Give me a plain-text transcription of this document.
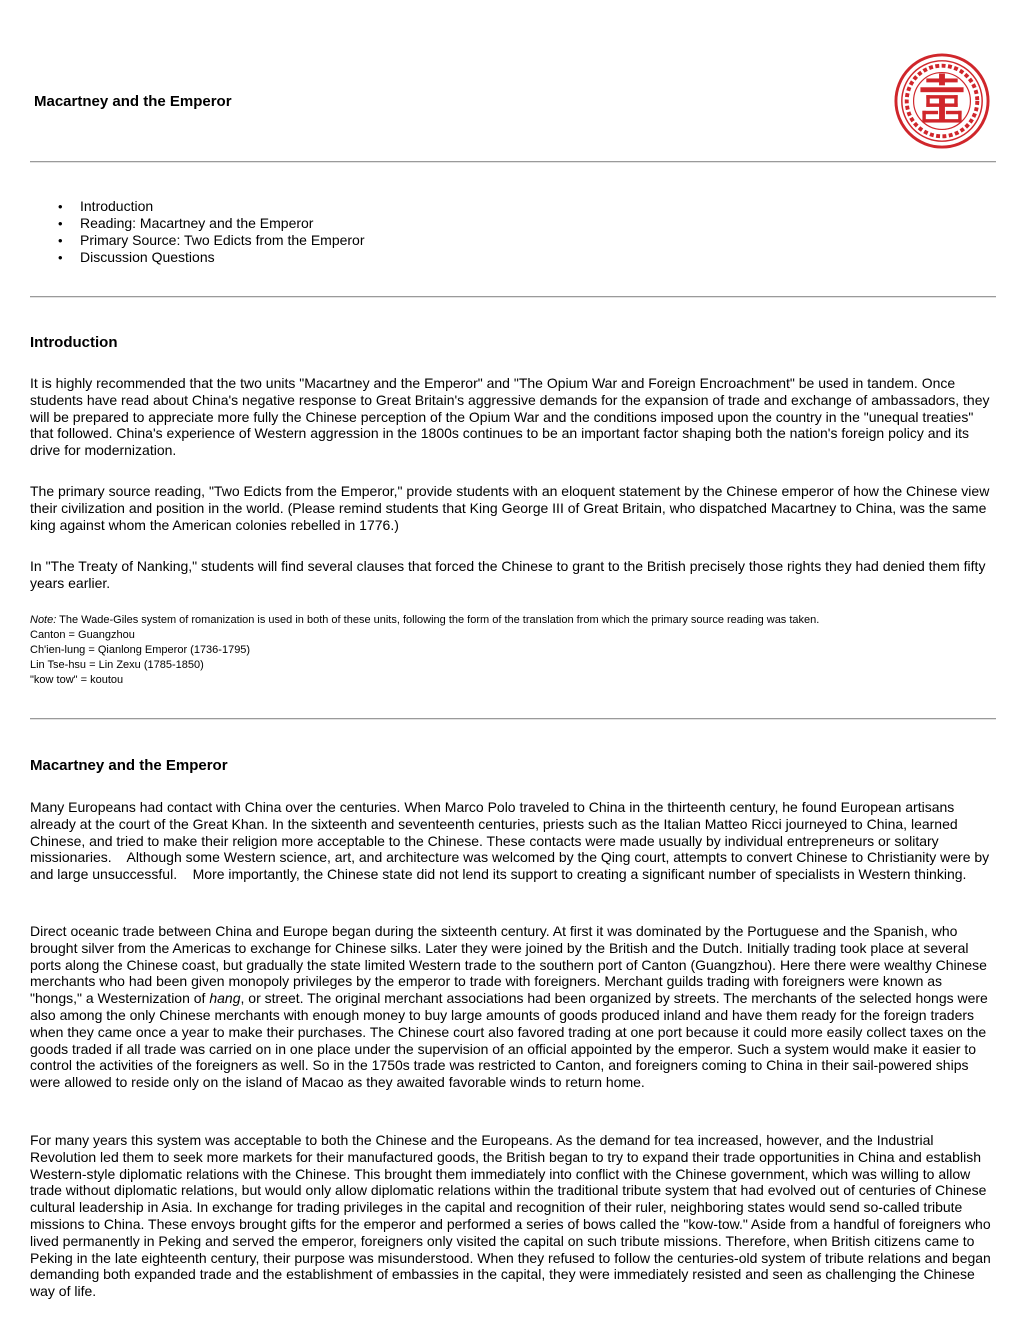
Macartney and the Emperor
• Introduction
• Reading: Macartney and the Emperor
• Primary Source: Two Edicts from the Emperor
• Discussion Questions
Introduction

It is highly recommended that the two units "Macartney and the Emperor" and "The Opium War and Foreign Encroachment" be used in tandem. Once students have read about China's negative response to Great Britain's aggressive demands for the expansion of trade and exchange of ambassadors, they will be prepared to appreciate more fully the Chinese perception of the Opium War and the conditions imposed upon the country in the "unequal treaties" that followed. China's experience of Western aggression in the 1800s continues to be an important factor shaping both the nation's foreign policy and its drive for modernization.

The primary source reading, "Two Edicts from the Emperor," provide students with an eloquent statement by the Chinese emperor of how the Chinese view their civilization and position in the world. (Please remind students that King George III of Great Britain, who dispatched Macartney to China, was the same king against whom the American colonies rebelled in 1776.)

In "The Treaty of Nanking," students will find several clauses that forced the Chinese to grant to the British precisely those rights they had denied them fifty years earlier.

Note: The Wade-Giles system of romanization is used in both of these units, following the form of the translation from which the primary source reading was taken.
Canton = Guangzhou
Ch'ien-lung = Qianlong Emperor (1736-1795)
Lin Tse-hsu = Lin Zexu (1785-1850)
"kow tow" = koutou
Macartney and the Emperor

Many Europeans had contact with China over the centuries. When Marco Polo traveled to China in the thirteenth century, he found European artisans already at the court of the Great Khan. In the sixteenth and seventeenth centuries, priests such as the Italian Matteo Ricci journeyed to China, learned Chinese, and tried to make their religion more acceptable to the Chinese. These contacts were made usually by individual entrepreneurs or solitary missionaries.    Although some Western science, art, and architecture was welcomed by the Qing court, attempts to convert Chinese to Christianity were by and large unsuccessful.    More importantly, the Chinese state did not lend its support to creating a significant number of specialists in Western thinking.

Direct oceanic trade between China and Europe began during the sixteenth century. At first it was dominated by the Portuguese and the Spanish, who brought silver from the Americas to exchange for Chinese silks. Later they were joined by the British and the Dutch. Initially trading took place at several ports along the Chinese coast, but gradually the state limited Western trade to the southern port of Canton (Guangzhou). Here there were wealthy Chinese merchants who had been given monopoly privileges by the emperor to trade with foreigners. Merchant guilds trading with foreigners were known as "hongs," a Westernization of hang, or street. The original merchant associations had been organized by streets. The merchants of the selected hongs were also among the only Chinese merchants with enough money to buy large amounts of goods produced inland and have them ready for the foreign traders when they came once a year to make their purchases. The Chinese court also favored trading at one port because it could more easily collect taxes on the goods traded if all trade was carried on in one place under the supervision of an official appointed by the emperor. Such a system would make it easier to control the activities of the foreigners as well. So in the 1750s trade was restricted to Canton, and foreigners coming to China in their sail-powered ships were allowed to reside only on the island of Macao as they awaited favorable winds to return home.

For many years this system was acceptable to both the Chinese and the Europeans. As the demand for tea increased, however, and the Industrial Revolution led them to seek more markets for their manufactured goods, the British began to try to expand their trade opportunities in China and establish Western-style diplomatic relations with the Chinese. This brought them immediately into conflict with the Chinese government, which was willing to allow trade without diplomatic relations, but would only allow diplomatic relations within the traditional tribute system that had evolved out of centuries of Chinese cultural leadership in Asia. In exchange for trading privileges in the capital and recognition of their ruler, neighboring states would send so-called tribute missions to China. These envoys brought gifts for the emperor and performed a series of bows called the "kow-tow." Aside from a handful of foreigners who lived permanently in Peking and served the emperor, foreigners only visited the capital on such tribute missions. Therefore, when British citizens came to Peking in the late eighteenth century, their purpose was misunderstood. When they refused to follow the centuries-old system of tribute relations and began demanding both expanded trade and the establishment of embassies in the capital, they were immediately resisted and seen as challenging the Chinese way of life.
